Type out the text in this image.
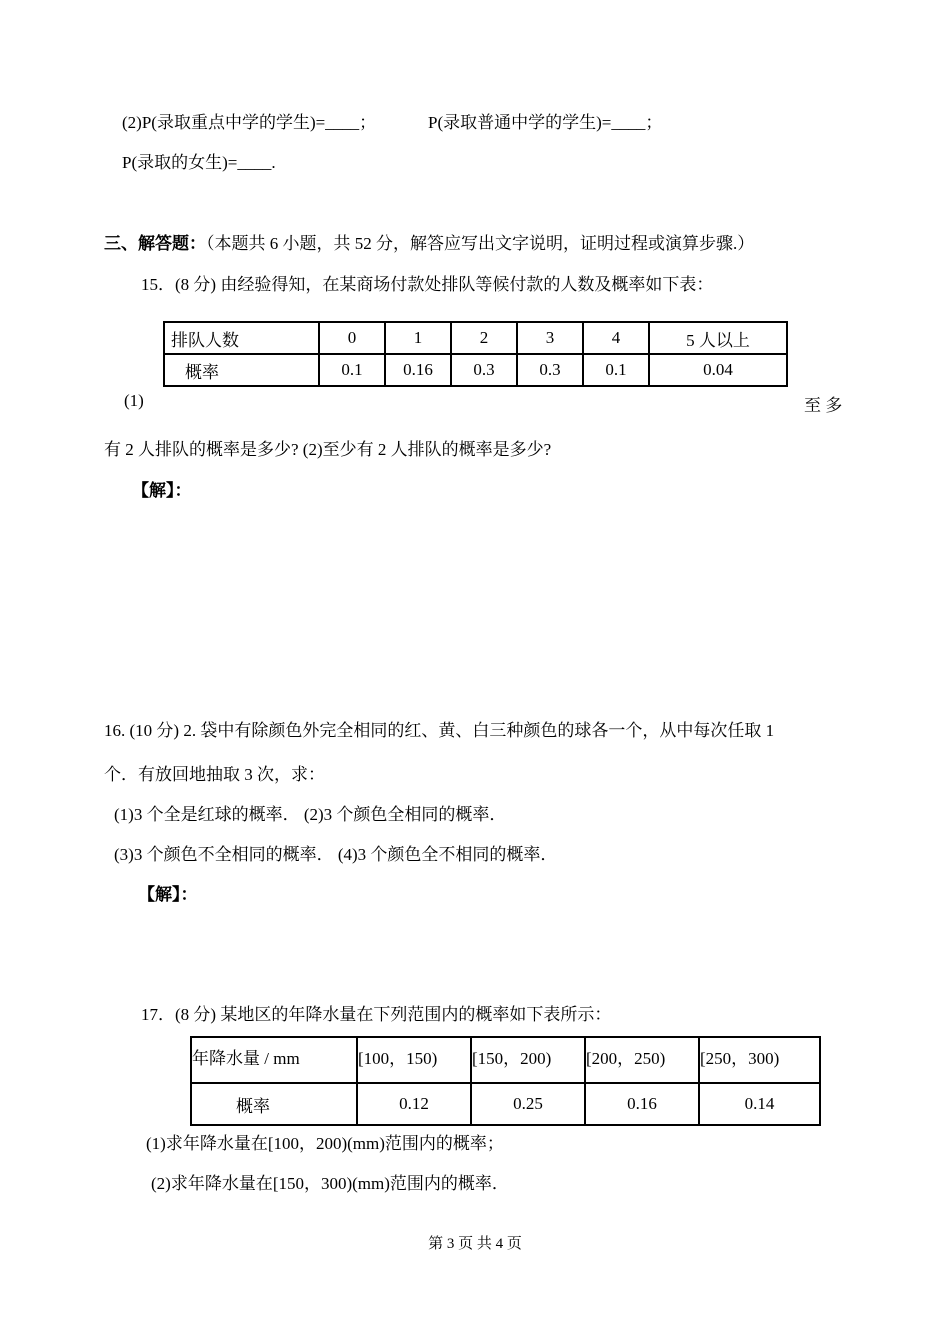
(2)P(录取重点中学的学生)=____；	P(录取普通中学的学生)=____；
P(录取的女生)=____.
三、解答题：（本题共 6 小题，共 52 分，解答应写出文字说明，证明过程或演算步骤.）
15．(8 分) 由经验得知，在某商场付款处排队等候付款的人数及概率如下表：
排队人数	0	1	2	3	4	5 人以上
概率	0.1	0.16	0.3	0.3	0.1	0.04
(1)	至 多
有 2 人排队的概率是多少? (2)至少有 2 人排队的概率是多少?
【解】：
16. (10 分) 2. 袋中有除颜色外完全相同的红、黄、白三种颜色的球各一个，从中每次任取 1
个．有放回地抽取 3 次，求：
(1)3 个全是红球的概率． (2)3 个颜色全相同的概率．
(3)3 个颜色不全相同的概率． (4)3 个颜色全不相同的概率．
【解】：
17．(8 分) 某地区的年降水量在下列范围内的概率如下表所示：
年降水量 / mm	[100，150)	[150，200)	[200，250)	[250，300)
概率	0.12	0.25	0.16	0.14
(1)求年降水量在[100，200)(mm)范围内的概率；
(2)求年降水量在[150，300)(mm)范围内的概率．
第 3 页 共 4 页
